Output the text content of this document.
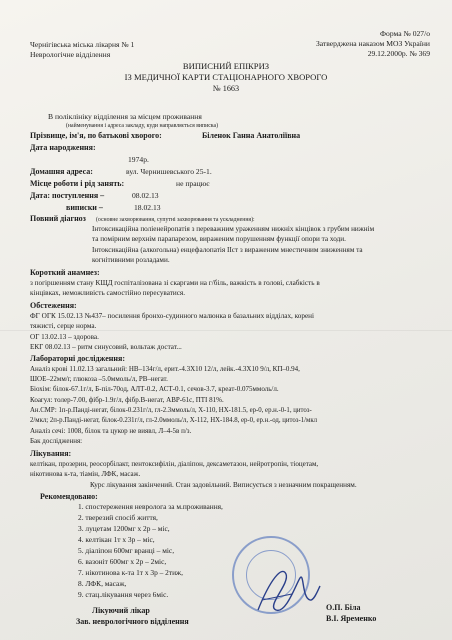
Чернігівська міська лікарня № 1
Неврологічне відділення
Форма № 027/о
Затверджена наказом МОЗ України
29.12.2000р. № 369
ВИПИСНИЙ ЕПІКРИЗ
ІЗ МЕДИЧНОЇ КАРТИ СТАЦІОНАРНОГО ХВОРОГО
№ 1663
В поліклініку відділення за місцем проживання
(найменування і адреса закладу, куди направляється виписка)
Прізвище, ім'я, по батькові хворого:	Біленок Ганна Анатоліївна
Дата народження:
1974р.
Домашня адреса:	вул. Чернишевського 25-1.
Місце роботи і рід занять:	не працює
Дата: поступлення –	08.02.13
виписки –	18.02.13
Повний діагноз (основне захворювання, супутні захворювання та ускладнення):
Інтоксикаційна поліенейропатія з переважним ураженням нижніх кінцівок з грубим нижнім
та помірним верхнім парапарезом, вираженим порушенням функції опори та ходи.
Інтоксикаційна (алкогольна) енцефалопатія ІІст з вираженим мнестичним зниженням та
когнітивними розладами.
Короткий анамнез:
з погіршенням стану КЩД госпіталізована зі скаргами на г/біль, важкість в голові, слабкість в
кінцівках, неможливість самостійно пересуватися.
Обстеження:
ФГ ОГК 15.02.13 №437– посилення бронхо-судинного малюнка в базальних відділах, корені
тяжисті, серце норма.
ОГ 13.02.13 – здорова.
ЕКГ 08.02.13 – ритм синусовий, вольтаж достат...
Лабораторні дослідження:
Аналіз крові 11.02.13 загальний: НВ–134г/л, ерит.-4.3Х10 12/л, лейк.-4.3Х10 9/л, КП–0.94,
ШОЕ–22мм/г, глюкоза –5.0ммоль/л, РВ–негат.
Біохім: білок-67.1г/л, Б-піл-70од, АЛТ-0.2, АСТ-0.1, сечов-3.7, креат-0.075ммоль/л.
Коагул: толер-7.00, фібр-1.9г/л, фібр.В-негат, АВР-61с, ПТІ 81%.
Ан.СМР: 1п-р.Панді-негат, білок-0.231г/л, гл-2.3ммоль/л, Х-110, НХ-181.5, ер-0, ер.н.-0-1, цитоз-
2/мкл; 2п-р.Панді-негат, білок-0.231г/л, гл-2.0ммоль/л, Х-112, НХ-184.8, ер-0, ер.н.-од, цитоз-1/мкл
Аналіз сечі: 1008, білок та цукор не виявл, Л–4-5в п/з.
Бак дослідження:
Лікування:
келтікан, прозерин, реосорбілакт, пентоксифілін, діаліпон, дексаметазон, нейротропін, тіоцетам,
нікотинова к-та, тіамін, ЛФК, масаж.
Курс лікування закінчений. Стан задовільний. Виписується з незначним покращенням.
Рекомендовано:
1. спостереження невролога за м.проживання,
2. тверезий спосіб життя,
3. луцетам 1200мг х 2р – міс,
4. келтікан 1т х 3р – міс,
5. діаліпон 600мг вранці – міс,
6. вазоніт 600мг х 2р – 2міс,
7. нікотинова к-та 1т х 3р – 2тиж,
8. ЛФК, масаж,
9. стац.лікування через 6міс.
Лікуючий лікар
Зав. неврологічного відділення
О.П. Біла
В.І. Яременко
